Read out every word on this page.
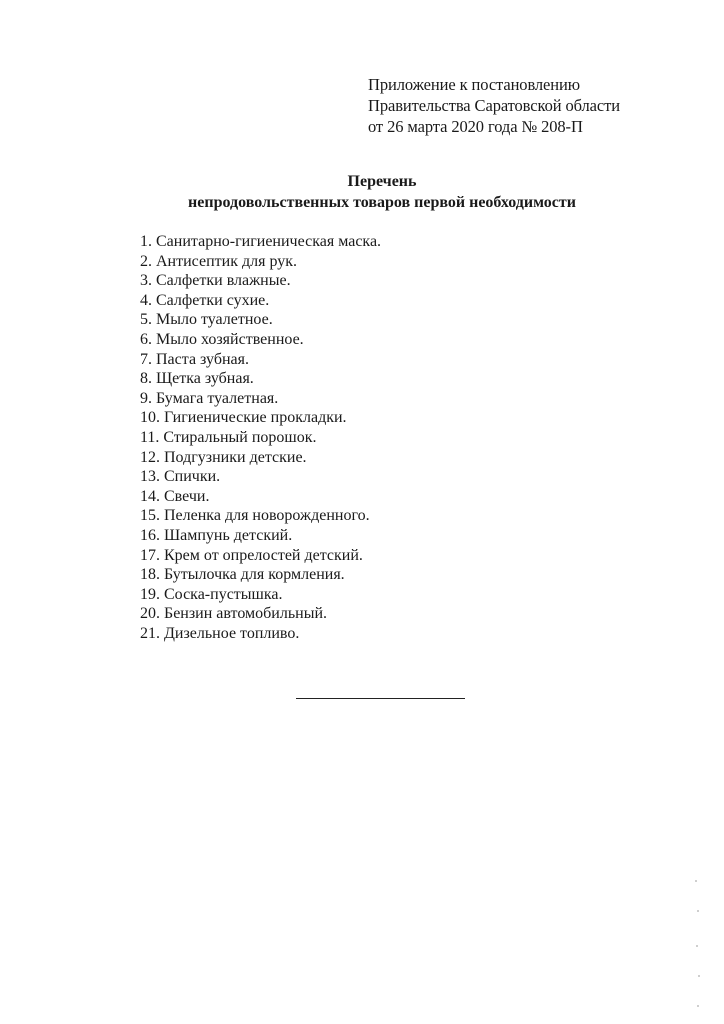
Приложение к постановлению
Правительства Саратовской области
от 26 марта 2020 года № 208-П
Перечень
непродовольственных товаров первой необходимости
1. Санитарно-гигиеническая маска.
2. Антисептик для рук.
3. Салфетки влажные.
4. Салфетки сухие.
5. Мыло туалетное.
6. Мыло хозяйственное.
7. Паста зубная.
8. Щетка зубная.
9. Бумага туалетная.
10. Гигиенические прокладки.
11. Стиральный порошок.
12. Подгузники детские.
13. Спички.
14. Свечи.
15. Пеленка для новорожденного.
16. Шампунь детский.
17. Крем от опрелостей детский.
18. Бутылочка для кормления.
19. Соска-пустышка.
20. Бензин автомобильный.
21. Дизельное топливо.
